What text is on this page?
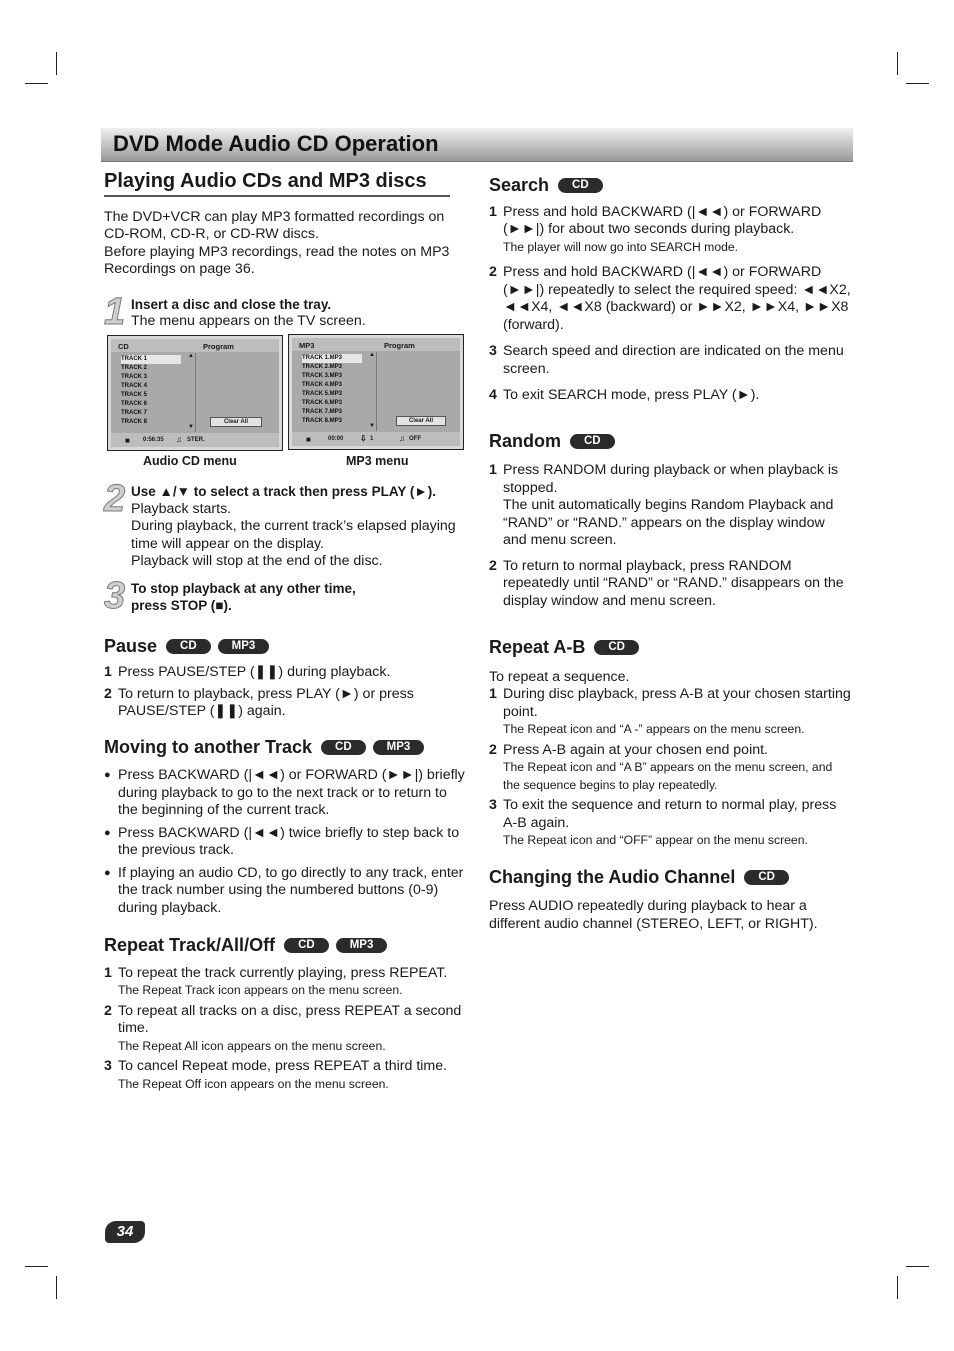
DVD Mode Audio CD Operation
Playing Audio CDs and MP3 discs

The DVD+VCR can play MP3 formatted recordings on CD-ROM, CD-R, or CD-RW discs.

Before playing MP3 recordings, read the notes on MP3 Recordings on page 36.

1 Insert a disc and close the tray.

The menu appears on the TV screen.

CD	Program
TRACK 1
TRACK 2
TRACK 3
TRACK 4
TRACK 5
TRACK 6
TRACK 7
TRACK 8
▲
▼
Clear All
■ 0:56:35 ♫ STER.
Audio CD menu
MP3	Program
TRACK 1.MP3
TRACK 2.MP3
TRACK 3.MP3
TRACK 4.MP3
TRACK 5.MP3
TRACK 6.MP3
TRACK 7.MP3
TRACK 8.MP3
▲
▼
Clear All
■	00:00 ⇩ 1	♫ OFF
MP3 menu
2 Use ▲/▼ to select a track then press PLAY (►).

Playback starts.

During playback, the current track’s elapsed playing time will appear on the display.

Playback will stop at the end of the disc.

3 To stop playback at any other time,

press STOP (■).

Pause	CD	MP3
1 Press PAUSE/STEP (❚❚) during playback.
2 To return to playback, press PLAY (►) or press PAUSE/STEP (❚❚) again.
Moving to another Track	CD	MP3
● Press BACKWARD (|◄◄) or FORWARD (►►|) briefly during playback to go to the next track or to return to the beginning of the current track.
● Press BACKWARD (|◄◄) twice briefly to step back to the previous track.
● If playing an audio CD, to go directly to any track, enter the track number using the numbered buttons (0-9) during playback.
Repeat Track/All/Off	CD	MP3
1 To repeat the track currently playing, press REPEAT.
The Repeat Track icon appears on the menu screen.
2 To repeat all tracks on a disc, press REPEAT a second time.
The Repeat All icon appears on the menu screen.
3 To cancel Repeat mode, press REPEAT a third time.
The Repeat Off icon appears on the menu screen.
Search	CD
1 Press and hold BACKWARD (|◄◄) or FORWARD (►►|) for about two seconds during playback.
The player will now go into SEARCH mode.
2 Press and hold BACKWARD (|◄◄) or FORWARD (►►|) repeatedly to select the required speed: ◄◄X2, ◄◄X4, ◄◄X8 (backward) or ►►X2, ►►X4, ►►X8 (forward).
3 Search speed and direction are indicated on the menu screen.
4 To exit SEARCH mode, press PLAY (►).
Random	CD
1 Press RANDOM during playback or when playback is stopped.
The unit automatically begins Random Playback and “RAND” or “RAND.” appears on the display window and menu screen.
2 To return to normal playback, press RANDOM repeatedly until “RAND” or “RAND.” disappears on the display window and menu screen.
Repeat A-B	CD

To repeat a sequence.

1 During disc playback, press A-B at your chosen starting point.
The Repeat icon and “A -” appears on the menu screen.
2 Press A-B again at your chosen end point.
The Repeat icon and “A B” appears on the menu screen, and the sequence begins to play repeatedly.
3 To exit the sequence and return to normal play, press A-B again.
The Repeat icon and “OFF” appear on the menu screen.
Changing the Audio Channel	CD

Press AUDIO repeatedly during playback to hear a different audio channel (STEREO, LEFT, or RIGHT).

34
